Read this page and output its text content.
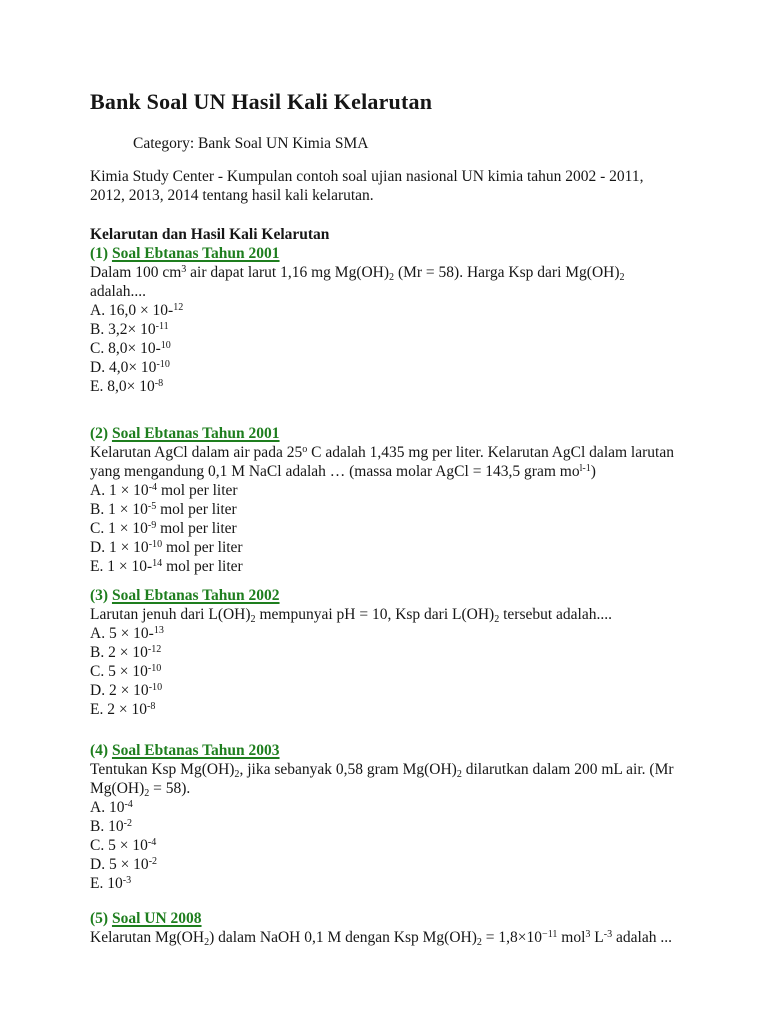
Bank Soal UN Hasil Kali Kelarutan

Category: Bank Soal UN Kimia SMA

Kimia Study Center - Kumpulan contoh soal ujian nasional UN kimia tahun 2002 - 2011, 2012, 2013, 2014 tentang hasil kali kelarutan.

Kelarutan dan Hasil Kali Kelarutan
(1) Soal Ebtanas Tahun 2001
Dalam 100 $cm^3$ air dapat larut 1,16 mg $Mg(OH)_2$ (Mr = 58). Harga Ksp dari $Mg(OH)_2$ adalah....
A. 16,0 × 10-$^{12}$
B. $3,2\times 10^{-11}$
C. 8,0× 10-$^{10}$
D. $4,0\times 10^{-10}$
E. $8,0\times 10^{-8}$
(2) Soal Ebtanas Tahun 2001
Kelarutan AgCl dalam air pada 25$^o$ C adalah 1,435 mg per liter. Kelarutan AgCl dalam larutan yang mengandung 0,1 M NaCl adalah … (massa molar AgCl = 143,5 gram $mo^{l-1}$)
A. $1 \times 10^{-4}$ mol per liter
B. $1 \times 10^{-5}$ mol per liter
C. $1 \times 10^{-9}$ mol per liter
D. $1 \times 10^{-10}$ mol per liter
E. 1 × 10-$^{14}$ mol per liter
(3) Soal Ebtanas Tahun 2002
Larutan jenuh dari $L(OH)_2$ mempunyai pH = 10, Ksp dari $L(OH)_2$ tersebut adalah....
A. 5 × 10-$^{13}$
B. $2 \times 10^{-12}$
C. $5 \times 10^{-10}$
D. $2 \times 10^{-10}$
E. $2 \times 10^{-8}$
(4) Soal Ebtanas Tahun 2003
Tentukan Ksp $Mg(OH)_2$, jika sebanyak 0,58 gram $Mg(OH)_2$ dilarutkan dalam 200 mL air. (Mr $Mg(OH)_2 = 58$).
A. $10^{-4}$
B. $10^{-2}$
C. $5 \times 10^{-4}$
D. $5 \times 10^{-2}$
E. $10^{-3}$
(5) Soal UN 2008
Kelarutan $Mg(OH_2)$ dalam NaOH 0,1 M dengan Ksp $Mg(OH)_2 = 1,8\times 10^{-11}$ mol$^3$ $L^{-3}$ adalah ...
